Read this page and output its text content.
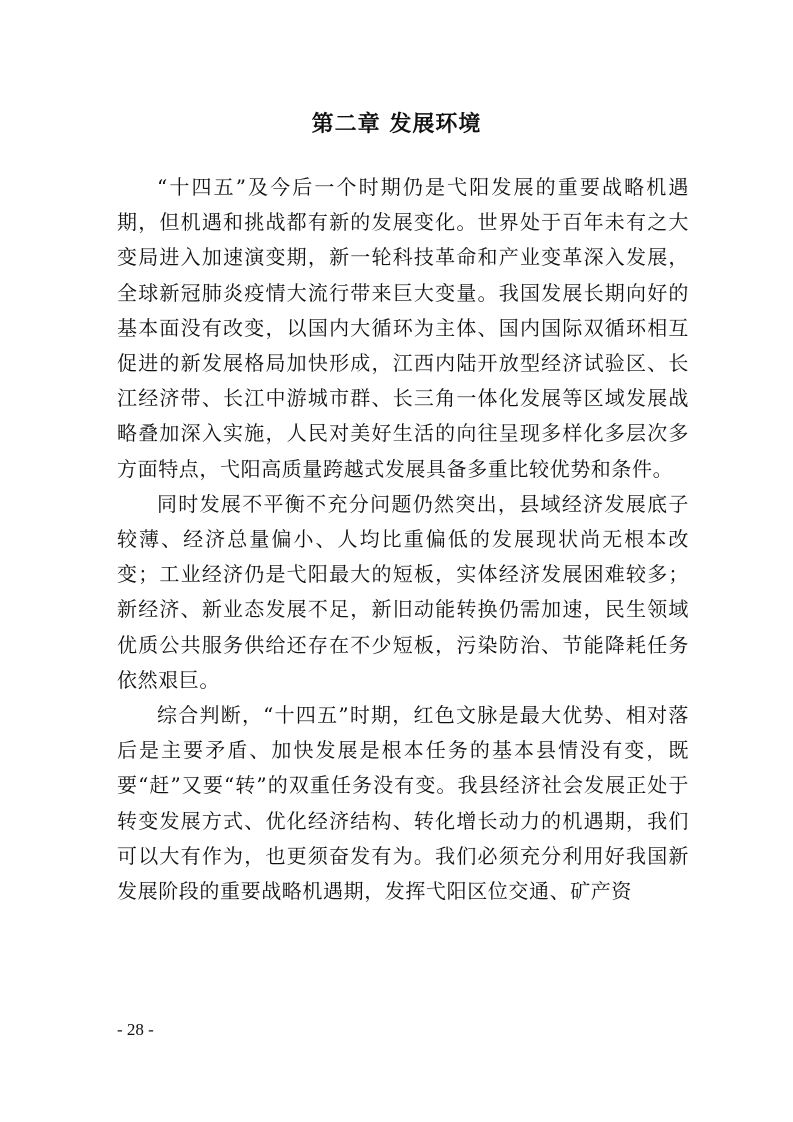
第二章 发展环境

“十四五”及今后一个时期仍是弋阳发展的重要战略机遇期，但机遇和挑战都有新的发展变化。世界处于百年未有之大变局进入加速演变期，新一轮科技革命和产业变革深入发展，全球新冠肺炎疫情大流行带来巨大变量。我国发展长期向好的基本面没有改变，以国内大循环为主体、国内国际双循环相互促进的新发展格局加快形成，江西内陆开放型经济试验区、长江经济带、长江中游城市群、长三角一体化发展等区域发展战略叠加深入实施，人民对美好生活的向往呈现多样化多层次多方面特点，弋阳高质量跨越式发展具备多重比较优势和条件。

同时发展不平衡不充分问题仍然突出，县域经济发展底子较薄、经济总量偏小、人均比重偏低的发展现状尚无根本改变；工业经济仍是弋阳最大的短板，实体经济发展困难较多；新经济、新业态发展不足，新旧动能转换仍需加速，民生领域优质公共服务供给还存在不少短板，污染防治、节能降耗任务依然艰巨。

综合判断，“十四五”时期，红色文脉是最大优势、相对落后是主要矛盾、加快发展是根本任务的基本县情没有变，既要“赶”又要“转”的双重任务没有变。我县经济社会发展正处于转变发展方式、优化经济结构、转化增长动力的机遇期，我们可以大有作为，也更须奋发有为。我们必须充分利用好我国新发展阶段的重要战略机遇期，发挥弋阳区位交通、矿产资

- 28 -
